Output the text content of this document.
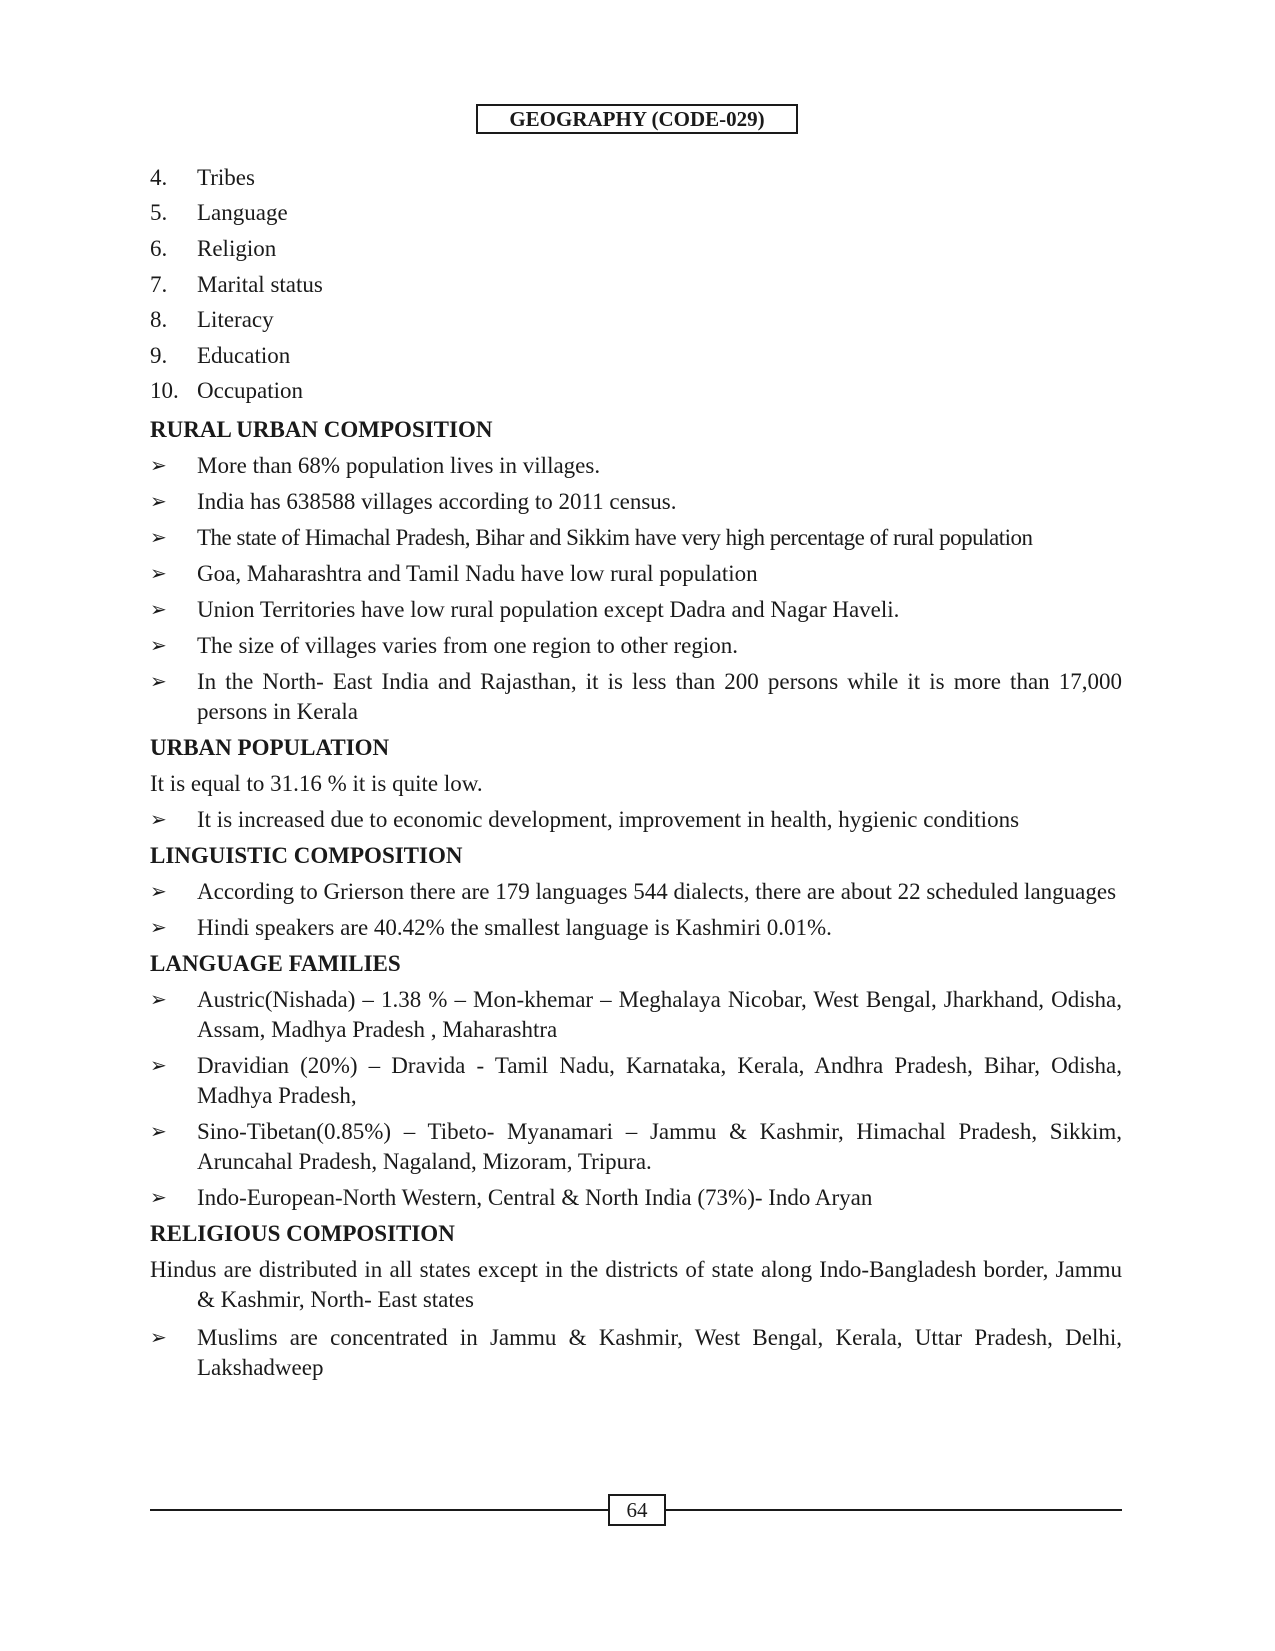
GEOGRAPHY (CODE-029)
4.	Tribes
5.	Language
6.	Religion
7.	Marital status
8.	Literacy
9.	Education
10. Occupation
RURAL URBAN COMPOSITION
➢	More than 68% population lives in villages.
➢	India has 638588 villages according to 2011 census.
➢	The state of Himachal Pradesh, Bihar and Sikkim have very high percentage of rural population
➢	Goa, Maharashtra and Tamil Nadu have low rural population
➢	Union Territories have low rural population except Dadra and Nagar Haveli.
➢	The size of villages varies from one region to other region.
➢	In the North- East India and Rajasthan, it is less than 200 persons while it is more than 17,000 persons in Kerala
URBAN POPULATION
It is equal to 31.16 % it is quite low.
➢	It is increased due to economic development, improvement in health, hygienic conditions
LINGUISTIC COMPOSITION
➢	According to Grierson there are 179 languages 544 dialects, there are about 22 scheduled languages
➢	Hindi speakers are 40.42% the smallest language is Kashmiri 0.01%.
LANGUAGE FAMILIES
➢	Austric(Nishada) – 1.38 % – Mon-khemar – Meghalaya Nicobar, West Bengal, Jharkhand, Odisha, Assam, Madhya Pradesh , Maharashtra
➢	Dravidian (20%) – Dravida - Tamil Nadu, Karnataka, Kerala, Andhra Pradesh, Bihar, Odisha, Madhya Pradesh,
➢	Sino-Tibetan(0.85%) – Tibeto- Myanamari – Jammu & Kashmir, Himachal Pradesh, Sikkim, Aruncahal Pradesh, Nagaland, Mizoram, Tripura.
➢	Indo-European-North Western, Central & North India (73%)- Indo Aryan
RELIGIOUS COMPOSITION
Hindus are distributed in all states except in the districts of state along Indo-Bangladesh border, Jammu & Kashmir, North- East states
➢	Muslims are concentrated in Jammu & Kashmir, West Bengal, Kerala, Uttar Pradesh, Delhi, Lakshadweep
64
